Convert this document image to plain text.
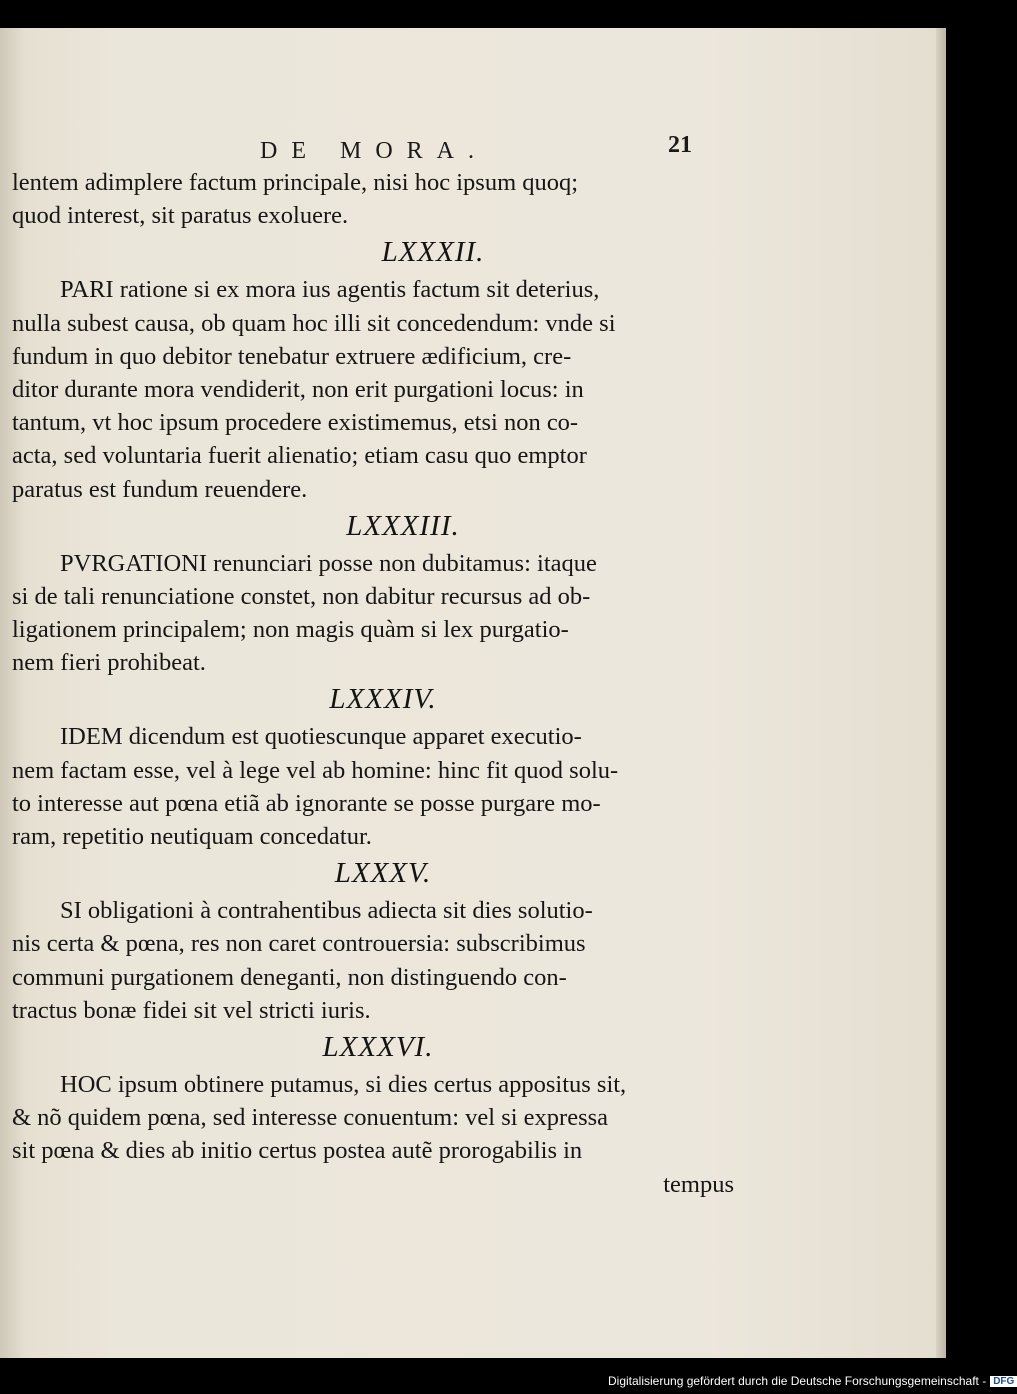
DE MORA.	21
lentem adimplere factum principale, nisi hoc ipsum quoq;
quod interest, sit paratus exoluere.
LXXXII.
PARI ratione si ex mora ius agentis factum sit deterius,
nulla subest causa, ob quam hoc illi sit concedendum: vnde si
fundum in quo debitor tenebatur extruere ædificium, cre-
ditor durante mora vendiderit, non erit purgationi locus: in
tantum, vt hoc ipsum procedere existimemus, etsi non co-
acta, sed voluntaria fuerit alienatio; etiam casu quo emptor
paratus est fundum reuendere.
LXXXIII.
PVRGATIONI renunciari posse non dubitamus: itaque
si de tali renunciatione constet, non dabitur recursus ad ob-
ligationem principalem; non magis quàm si lex purgatio-
nem fieri prohibeat.
LXXXIV.
IDEM dicendum est quotiescunque apparet executio-
nem factam esse, vel à lege vel ab homine: hinc fit quod solu-
to interesse aut pœna etiã ab ignorante se posse purgare mo-
ram, repetitio neutiquam concedatur.
LXXXV.
SI obligationi à contrahentibus adiecta sit dies solutio-
nis certa & pœna, res non caret controuersia: subscribimus
communi purgationem deneganti, non distinguendo con-
tractus bonæ fidei sit vel stricti iuris.
LXXXVI.
HOC ipsum obtinere putamus, si dies certus appositus sit,
& nõ quidem pœna, sed interesse conuentum: vel si expressa
sit pœna & dies ab initio certus postea autẽ prorogabilis in
tempus
Digitalisierung gefördert durch die Deutsche Forschungsgemeinschaft - DFG
